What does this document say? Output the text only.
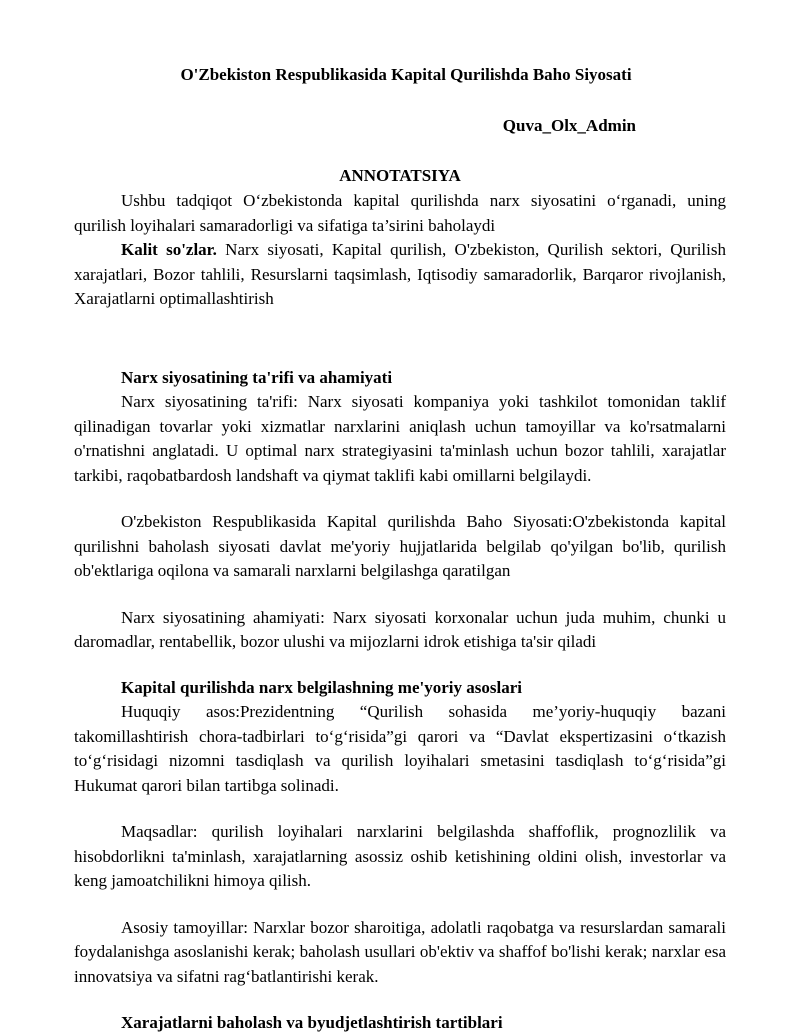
O'Zbekiston Respublikasida Kapital Qurilishda Baho Siyosati
Quva_Olx_Admin
ANNOTATSIYA

Ushbu tadqiqot O‘zbekistonda kapital qurilishda narx siyosatini o‘rganadi, uning qurilish loyihalari samaradorligi va sifatiga ta’sirini baholaydi

Kalit so'zlar. Narx siyosati, Kapital qurilish, O'zbekiston, Qurilish sektori, Qurilish xarajatlari, Bozor tahlili, Resurslarni taqsimlash, Iqtisodiy samaradorlik, Barqaror rivojlanish, Xarajatlarni optimallashtirish

Narx siyosatining ta'rifi va ahamiyati

Narx siyosatining ta'rifi: Narx siyosati kompaniya yoki tashkilot tomonidan taklif qilinadigan tovarlar yoki xizmatlar narxlarini aniqlash uchun tamoyillar va ko'rsatmalarni o'rnatishni anglatadi. U optimal narx strategiyasini ta'minlash uchun bozor tahlili, xarajatlar tarkibi, raqobatbardosh landshaft va qiymat taklifi kabi omillarni belgilaydi.

O'zbekiston Respublikasida Kapital qurilishda Baho Siyosati:O'zbekistonda kapital qurilishni baholash siyosati davlat me'yoriy hujjatlarida belgilab qo'yilgan bo'lib, qurilish ob'ektlariga oqilona va samarali narxlarni belgilashga qaratilgan

Narx siyosatining ahamiyati: Narx siyosati korxonalar uchun juda muhim, chunki u daromadlar, rentabellik, bozor ulushi va mijozlarni idrok etishiga ta'sir qiladi

Kapital qurilishda narx belgilashning me'yoriy asoslari

Huquqiy asos:Prezidentning “Qurilish sohasida me’yoriy-huquqiy bazani takomillashtirish chora-tadbirlari to‘g‘risida”gi qarori va “Davlat ekspertizasini o‘tkazish to‘g‘risidagi nizomni tasdiqlash va qurilish loyihalari smetasini tasdiqlash to‘g‘risida”gi Hukumat qarori bilan tartibga solinadi.

Maqsadlar: qurilish loyihalari narxlarini belgilashda shaffoflik, prognozlilik va hisobdorlikni ta'minlash, xarajatlarning asossiz oshib ketishining oldini olish, investorlar va keng jamoatchilikni himoya qilish.

Asosiy tamoyillar: Narxlar bozor sharoitiga, adolatli raqobatga va resurslardan samarali foydalanishga asoslanishi kerak; baholash usullari ob'ektiv va shaffof bo'lishi kerak; narxlar esa innovatsiya va sifatni rag‘batlantirishi kerak.

Xarajatlarni baholash va byudjetlashtirish tartiblari
